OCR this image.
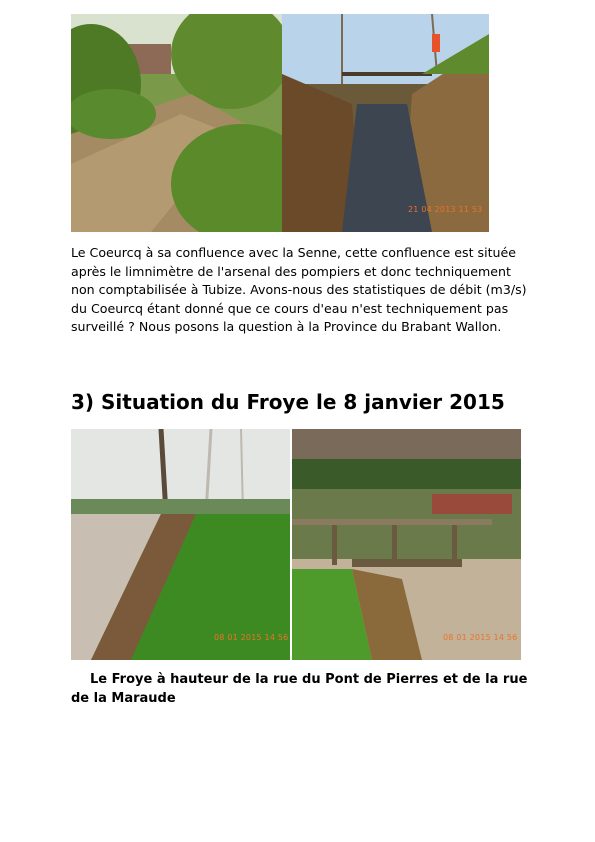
21 04 2013 11 53

Le Coeurcq à sa confluence avec la Senne, cette confluence est située après le limnimètre de l'arsenal des pompiers et donc techniquement non comptabilisée à Tubize. Avons-nous des statistiques de débit (m3/s) du Coeurcq étant donné que ce cours d'eau n'est techniquement pas surveillé ? Nous posons la question à la Province du Brabant Wallon.

3) Situation du Froye le 8 janvier 2015
08 01 2015 14 56	08 01 2015 14 56

Le Froye à hauteur de la rue du Pont de Pierres et de la rue de la Maraude
